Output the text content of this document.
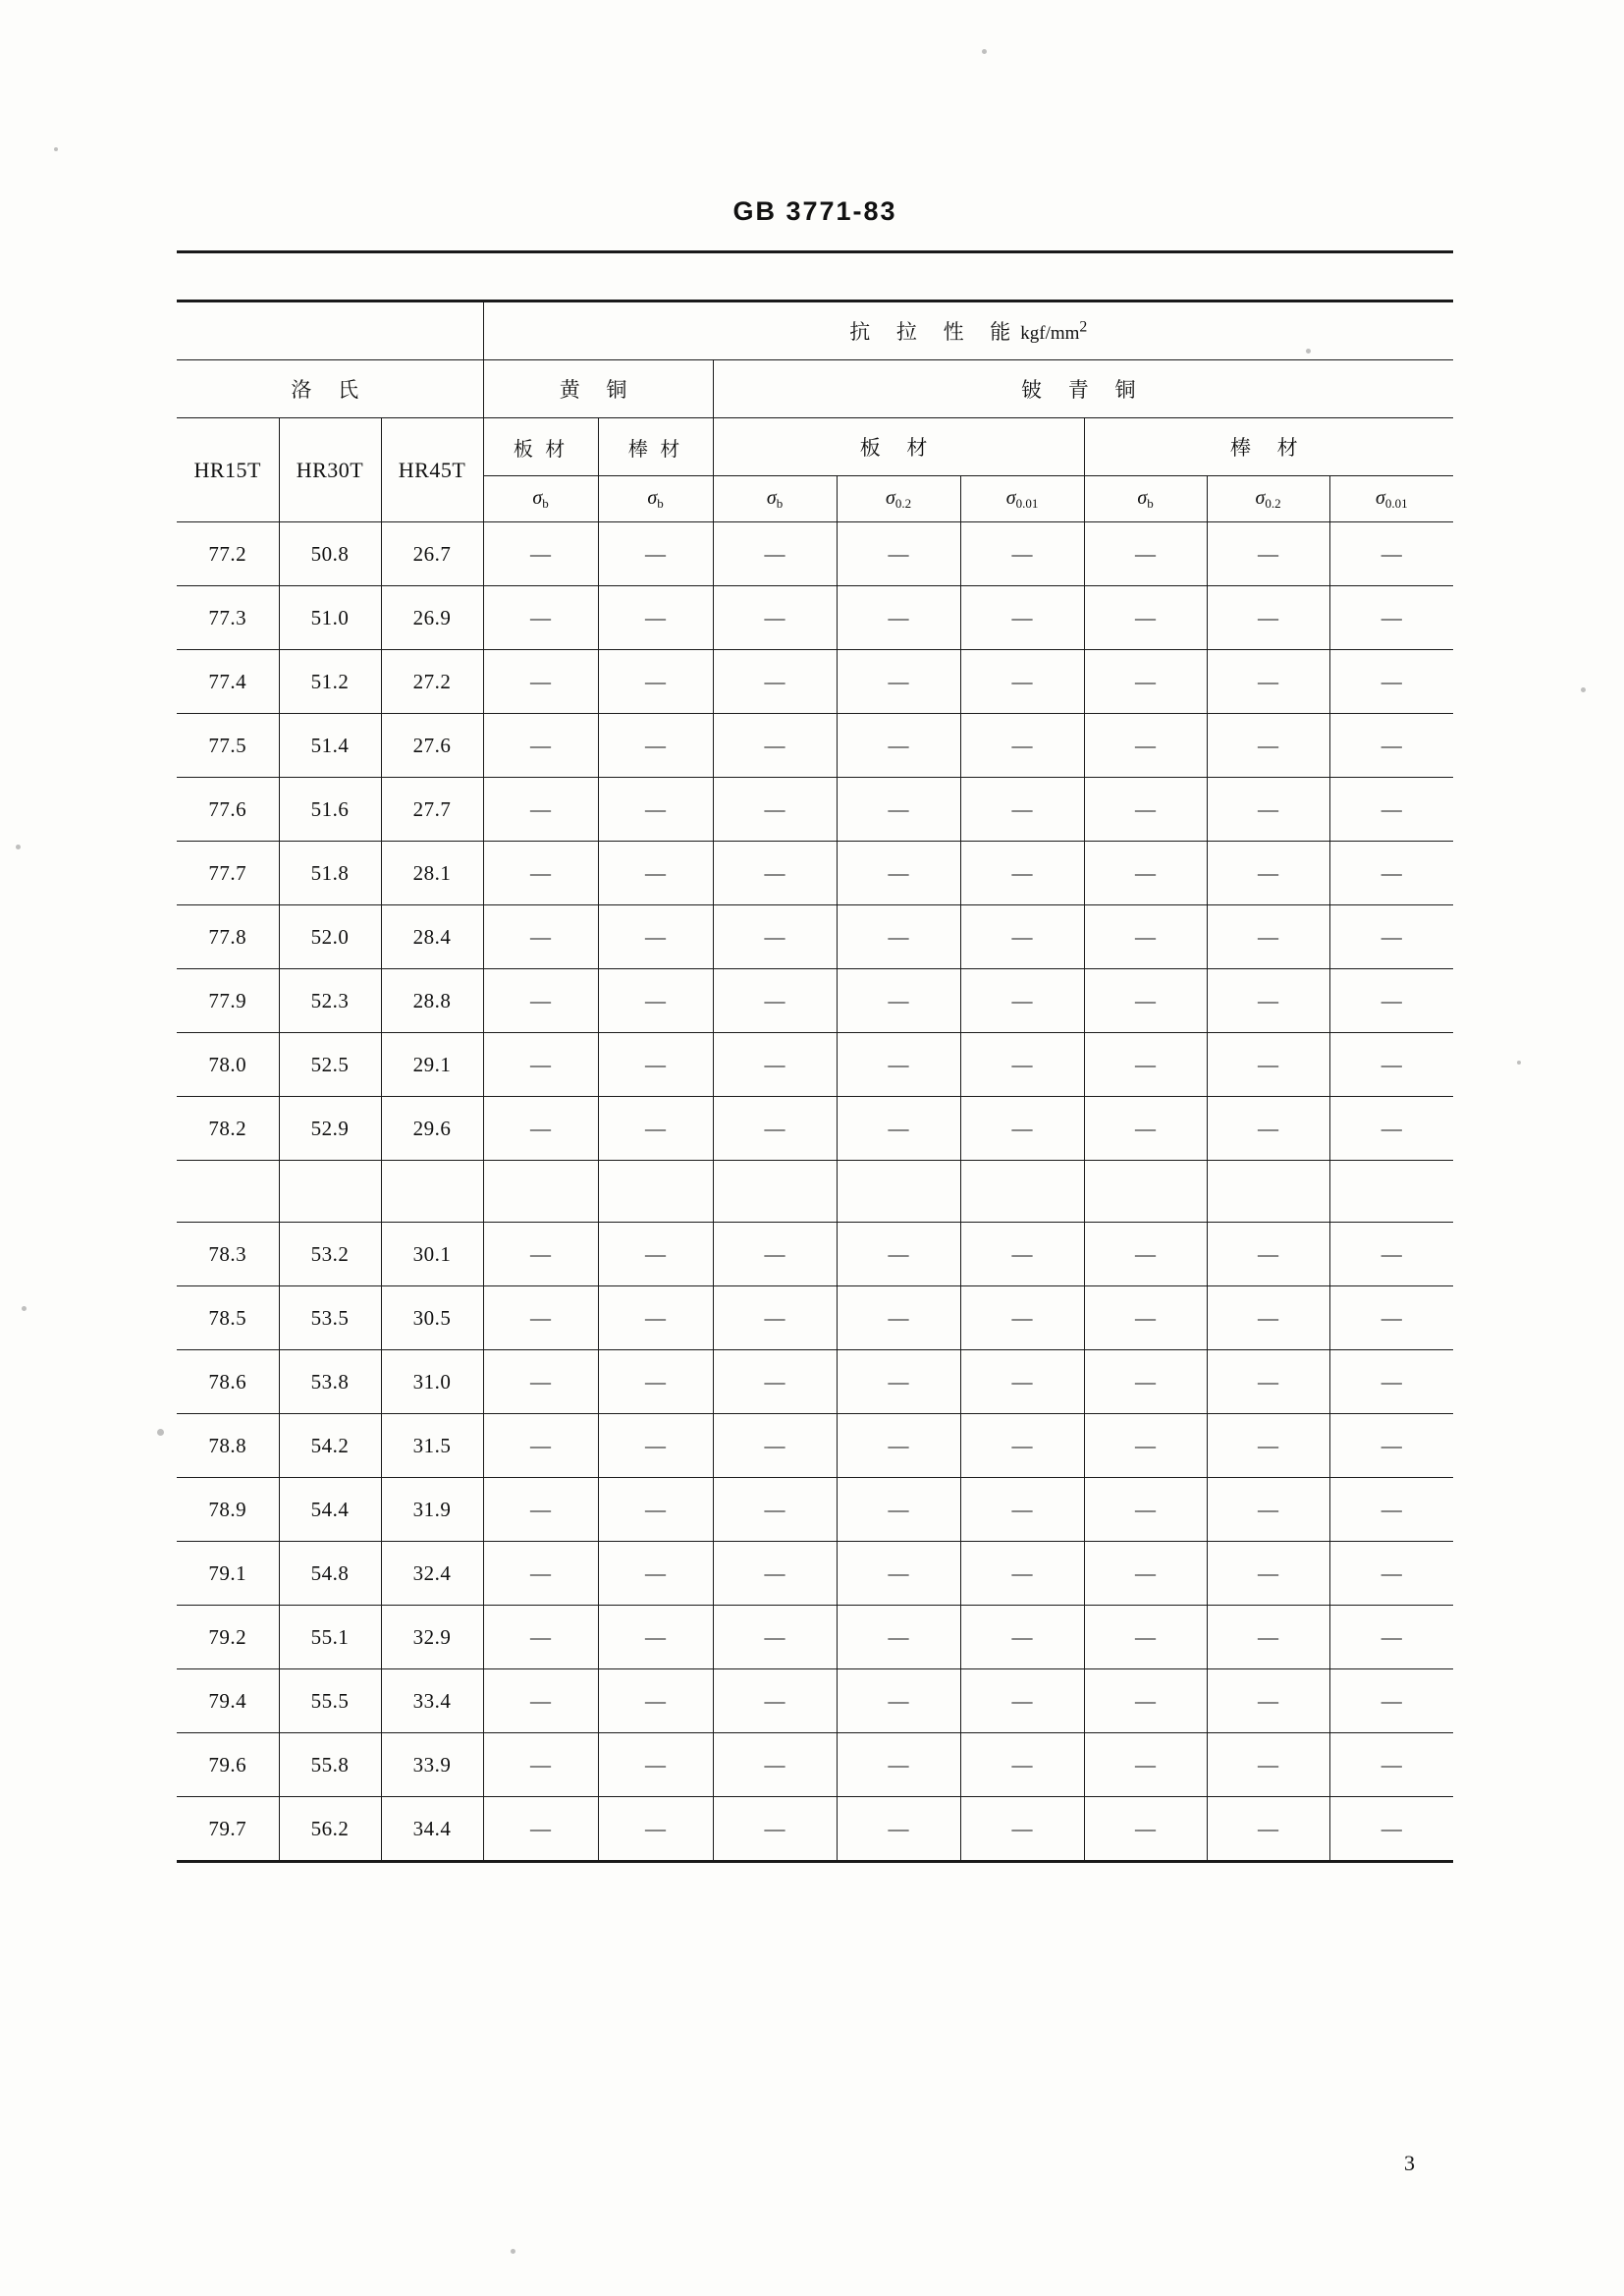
GB 3771-83
			抗 拉 性 能kgf/$mm^2$
洛 氏			黄 铜		铍 青 铜					
HR15T	HR30T	HR45T	板 材	棒 材	板 材			棒 材		
			$\sigma_b$	$\sigma_b$	$\sigma_b$	$\sigma_{0.2}$	$\sigma_{0.01}$	$\sigma_b$	$\sigma_{0.2}$	$\sigma_{0.01}$
77.2	50.8	26.7	—	—	—	—	—	—	—	—
77.3	51.0	26.9	—	—	—	—	—	—	—	—
77.4	51.2	27.2	—	—	—	—	—	—	—	—
77.5	51.4	27.6	—	—	—	—	—	—	—	—
77.6	51.6	27.7	—	—	—	—	—	—	—	—
77.7	51.8	28.1	—	—	—	—	—	—	—	—
77.8	52.0	28.4	—	—	—	—	—	—	—	—
77.9	52.3	28.8	—	—	—	—	—	—	—	—
78.0	52.5	29.1	—	—	—	—	—	—	—	—
78.2	52.9	29.6	—	—	—	—	—	—	—	—

78.3	53.2	30.1	—	—	—	—	—	—	—	—
78.5	53.5	30.5	—	—	—	—	—	—	—	—
78.6	53.8	31.0	—	—	—	—	—	—	—	—
78.8	54.2	31.5	—	—	—	—	—	—	—	—
78.9	54.4	31.9	—	—	—	—	—	—	—	—
79.1	54.8	32.4	—	—	—	—	—	—	—	—
79.2	55.1	32.9	—	—	—	—	—	—	—	—
79.4	55.5	33.4	—	—	—	—	—	—	—	—
79.6	55.8	33.9	—	—	—	—	—	—	—	—
79.7	56.2	34.4	—	—	—	—	—	—	—	—
3
